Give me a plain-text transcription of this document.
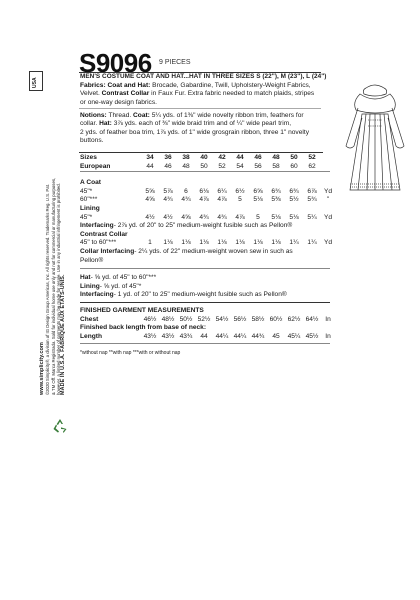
USA
www.simplicity.com ©2020 Simplicity®, a division of IG Design Group Americas, Inc. All rights reserved. Trademarks Reg. U.S. Pat. & TM Off. Marca Registrada. Sold for individual home use only and not for commercial or manufacturing purposes, however, a limited number of garments may be made for resale. Use in any industrial infringement is prohibited. MADE IN U.S.A. FABRIQUÉ AUX ÉTATS-UNIS.
S9096 9 PIECES
MEN'S COSTUME COAT AND HAT...HAT IN THREE SIZES S (22"), M (23"), L (24")
Fabrics: Coat and Hat: Brocade, Gabardine, Twill, Upholstery-Weight Fabrics,
Velvet. Contrast Collar in Faux Fur. Extra fabric needed to match plaids, stripes
or one-way design fabrics.
Notions: Thread. Coat: 5¼ yds. of 1⅜" wide novelty ribbon trim, feathers for
collar. Hat: 3⅞ yds. each of ⅜" wide braid trim and of ¼" wide pearl trim,
2 yds. of feather boa trim, 1⅞ yds. of 1" wide grosgrain ribbon, three 1" novelty
buttons.
Sizes	34	36	38	40	42	44	46	48	50	52
European	44	46	48	50	52	54	56	58	60	62
A Coat
45"*	5⅝	5⅞	6	6⅛	6¼	6½	6⅝	6¾	6¾	6⅞	Yd
60"***	4⅝	4¾	4¾	4⅞	4⅞	5	5⅛	5⅜	5½	5¾	"
Lining
45"*	4½	4½	4⅝	4¾	4¾	4⅞	5	5⅛	5⅛	5¼	Yd
Interfacing- 2⅞ yd. of 20" to 25" medium-weight fusible such as Pellon®
Contrast Collar
45" to 60"***	1	1⅛	1⅛	1⅛	1⅛	1⅛	1⅛	1⅛	1¼	1¼	Yd
Collar Interfacing- 2¼ yds. of 22" medium-weight woven sew in such as
Pellon®
Hat- ⅝ yd. of 45" to 60"***
Lining- ⅝ yd. of 45"*
Interfacing- 1 yd. of 20" to 25" medium-weight fusible such as Pellon®
FINISHED GARMENT MEASUREMENTS
Chest	46½ 48½ 50½ 52½ 54½ 56½ 58½ 60½ 62½ 64½	In
Finished back length from base of neck:
Length	43½ 43½ 43¾	44	44¼ 44¼ 44¾	45	45¼ 45½	In
*without nap **with nap ***with or without nap
